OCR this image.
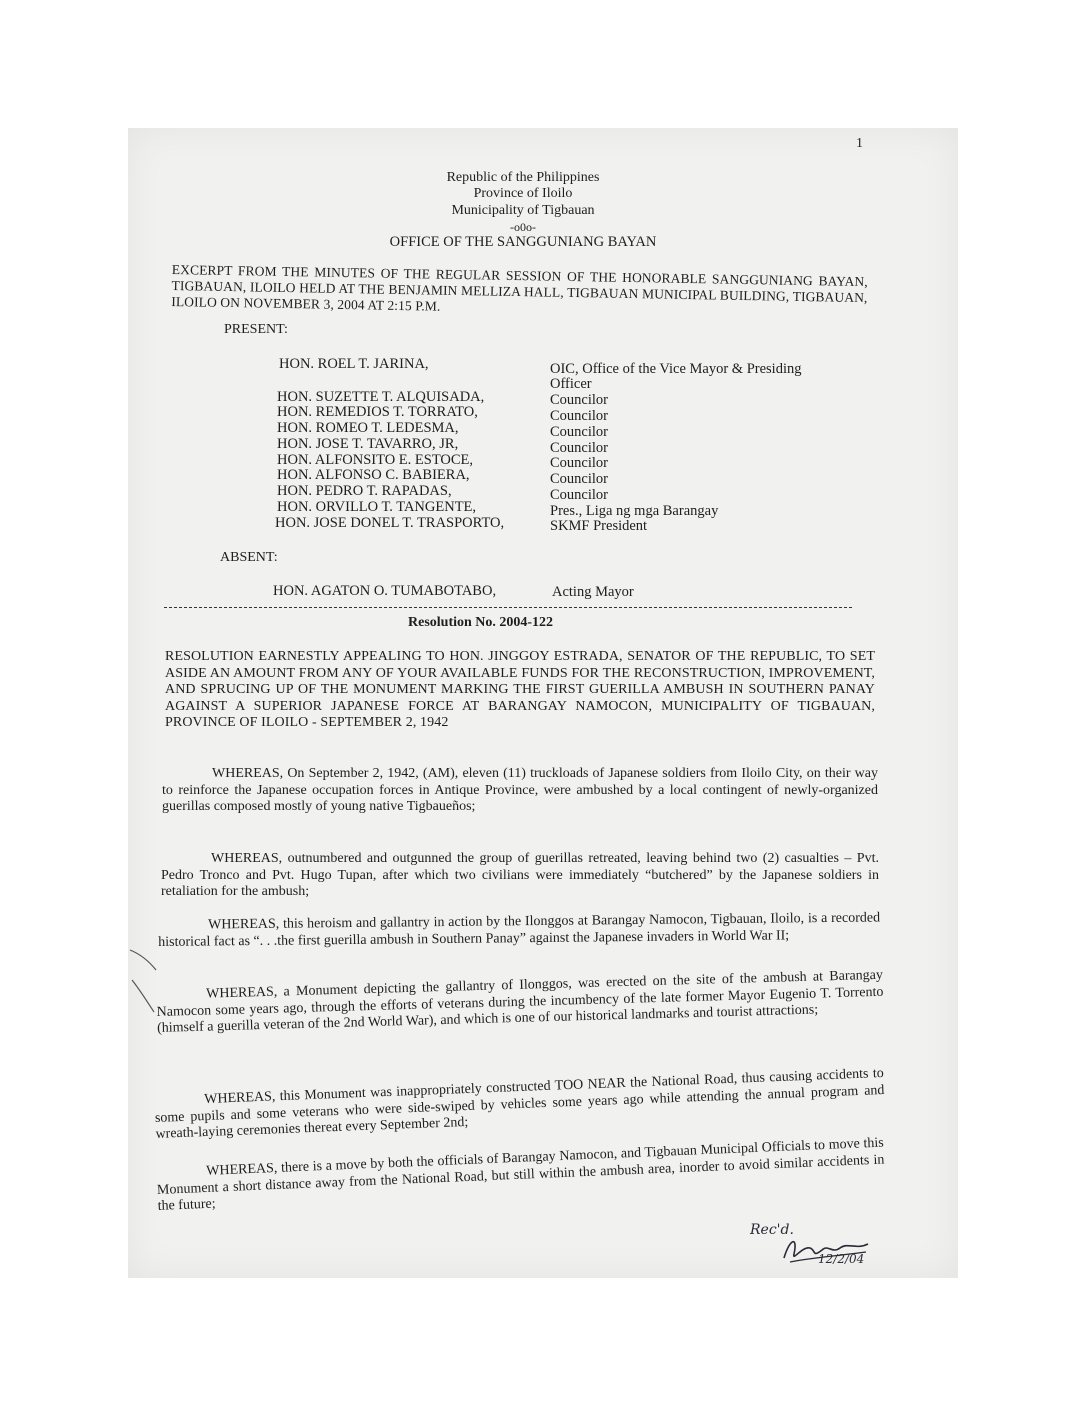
1
Republic of the Philippines
Province of Iloilo
Municipality of Tigbauan
-o0o-
OFFICE OF THE SANGGUNIANG BAYAN
EXCERPT FROM THE MINUTES OF THE REGULAR SESSION OF THE HONORABLE SANGGUNIANG BAYAN, TIGBAUAN, ILOILO HELD AT THE BENJAMIN MELLIZA HALL, TIGBAUAN MUNICIPAL BUILDING, TIGBAUAN, ILOILO ON NOVEMBER 3, 2004 AT 2:15 P.M.
PRESENT:
HON. ROEL T. JARINA,	OIC, Office of the Vice Mayor & Presiding
Officer
HON. SUZETTE T. ALQUISADA,	Councilor
HON. REMEDIOS T. TORRATO,	Councilor
HON. ROMEO T. LEDESMA,	Councilor
HON. JOSE T. TAVARRO, JR,	Councilor
HON. ALFONSITO E. ESTOCE,	Councilor
HON. ALFONSO C. BABIERA,	Councilor
HON. PEDRO T. RAPADAS,	Councilor
HON. ORVILLO T. TANGENTE,	Pres., Liga ng mga Barangay
HON. JOSE DONEL T. TRASPORTO,	SKMF President
ABSENT:
HON. AGATON O. TUMABOTABO,	Acting Mayor
Resolution No. 2004-122
RESOLUTION EARNESTLY APPEALING TO HON. JINGGOY ESTRADA, SENATOR OF THE REPUBLIC, TO SET ASIDE AN AMOUNT FROM ANY OF YOUR AVAILABLE FUNDS FOR THE RECONSTRUCTION, IMPROVEMENT, AND SPRUCING UP OF THE MONUMENT MARKING THE FIRST GUERILLA AMBUSH IN SOUTHERN PANAY AGAINST A SUPERIOR JAPANESE FORCE AT BARANGAY NAMOCON, MUNICIPALITY OF TIGBAUAN, PROVINCE OF ILOILO - SEPTEMBER 2, 1942
WHEREAS, On September 2, 1942, (AM), eleven (11) truckloads of Japanese soldiers from Iloilo City, on their way to reinforce the Japanese occupation forces in Antique Province, were ambushed by a local contingent of newly-organized guerillas composed mostly of young native Tigbaueños;
WHEREAS, outnumbered and outgunned the group of guerillas retreated, leaving behind two (2) casualties – Pvt. Pedro Tronco and Pvt. Hugo Tupan, after which two civilians were immediately “butchered” by the Japanese soldiers in retaliation for the ambush;
WHEREAS, this heroism and gallantry in action by the Ilonggos at Barangay Namocon, Tigbauan, Iloilo, is a recorded historical fact as “. . .the first guerilla ambush in Southern Panay” against the Japanese invaders in World War II;
WHEREAS, a Monument depicting the gallantry of Ilonggos, was erected on the site of the ambush at Barangay Namocon some years ago, through the efforts of veterans during the incumbency of the late former Mayor Eugenio T. Torrento (himself a guerilla veteran of the 2nd World War), and which is one of our historical landmarks and tourist attractions;
WHEREAS, this Monument was inappropriately constructed TOO NEAR the National Road, thus causing accidents to some pupils and some veterans who were side-swiped by vehicles some years ago while attending the annual program and wreath-laying ceremonies thereat every September 2nd;
WHEREAS, there is a move by both the officials of Barangay Namocon, and Tigbauan Municipal Officials to move this Monument a short distance away from the National Road, but still within the ambush area, inorder to avoid similar accidents in the future;
Rec'd.
12/2/04
